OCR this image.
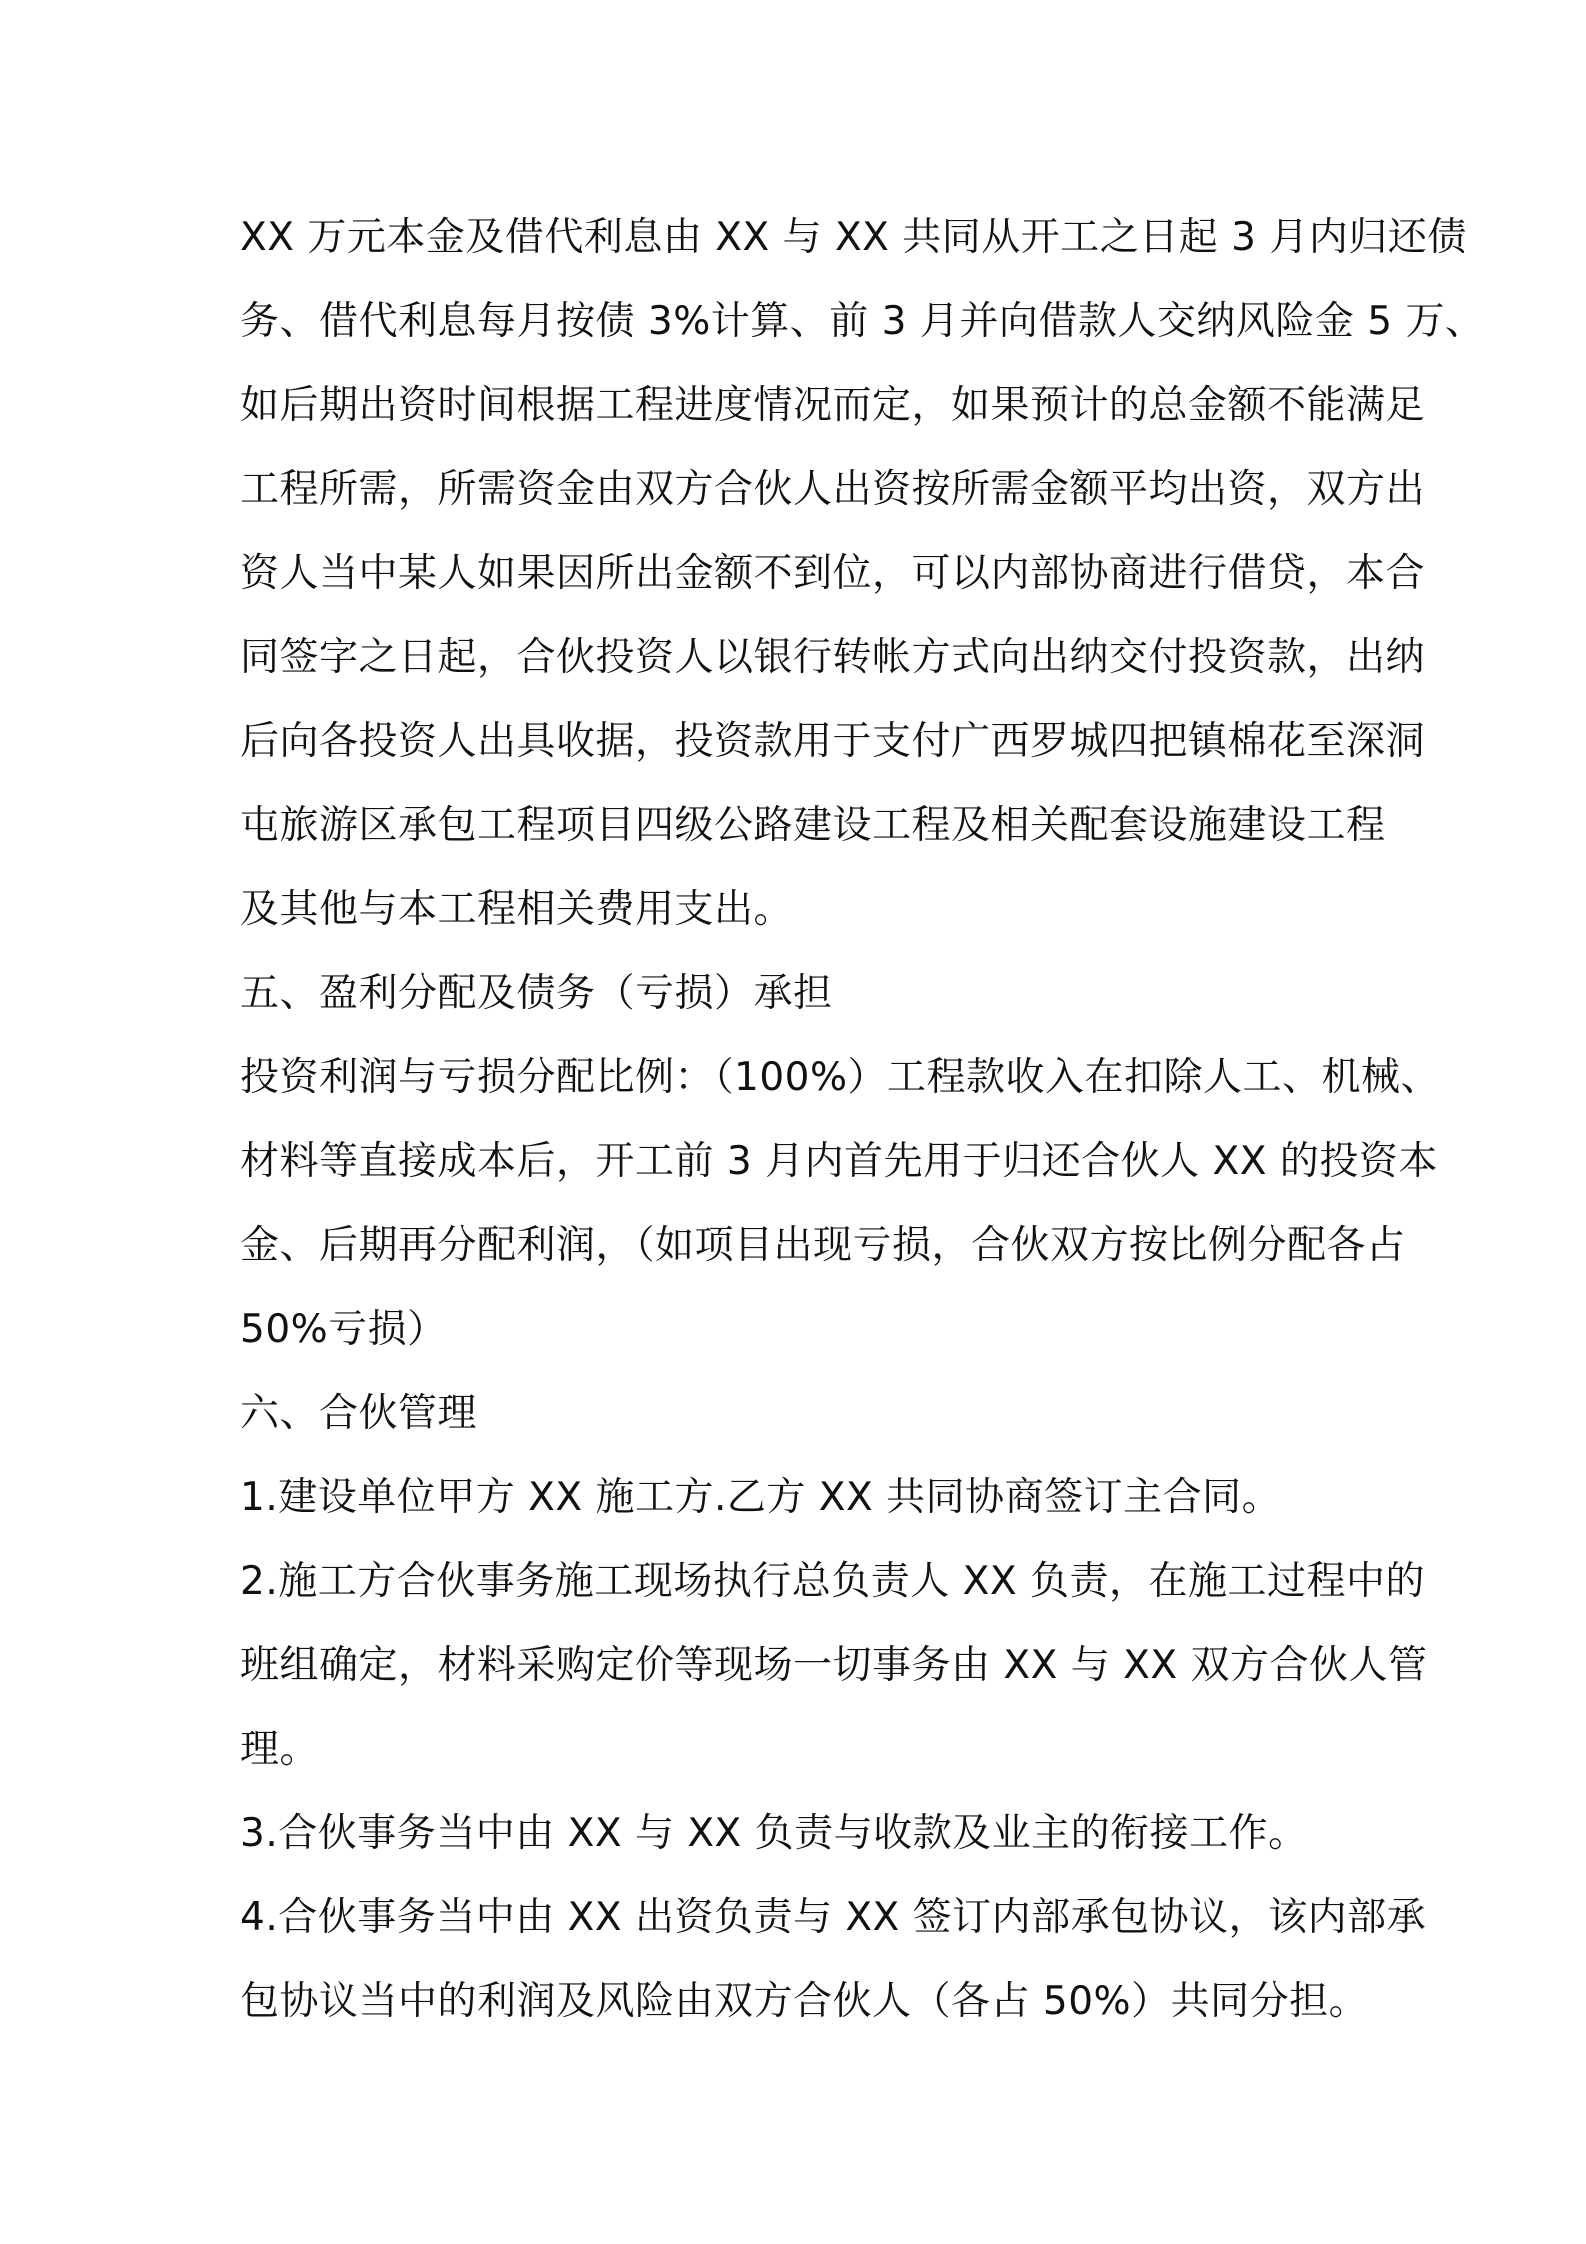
XX 万元本金及借代利息由 XX 与 XX 共同从开工之日起 3 月内归还债
务、借代利息每月按债 3%计算、前 3 月并向借款人交纳风险金 5 万、
如后期出资时间根据工程进度情况而定，如果预计的总金额不能满足
工程所需，所需资金由双方合伙人出资按所需金额平均出资，双方出
资人当中某人如果因所出金额不到位，可以内部协商进行借贷，本合
同签字之日起，合伙投资人以银行转帐方式向出纳交付投资款，出纳
后向各投资人出具收据，投资款用于支付广西罗城四把镇棉花至深洞
屯旅游区承包工程项目四级公路建设工程及相关配套设施建设工程
及其他与本工程相关费用支出。
五、盈利分配及债务（亏损）承担
投资利润与亏损分配比例：（100%）工程款收入在扣除人工、机械、
材料等直接成本后，开工前 3 月内首先用于归还合伙人 XX 的投资本
金、后期再分配利润，（如项目出现亏损，合伙双方按比例分配各占
50%亏损）
六、合伙管理
1.建设单位甲方 XX 施工方.乙方 XX 共同协商签订主合同。
2.施工方合伙事务施工现场执行总负责人 XX 负责，在施工过程中的
班组确定，材料采购定价等现场一切事务由 XX 与 XX 双方合伙人管
理。
3.合伙事务当中由 XX 与 XX 负责与收款及业主的衔接工作。
4.合伙事务当中由 XX 出资负责与 XX 签订内部承包协议，该内部承
包协议当中的利润及风险由双方合伙人（各占 50%）共同分担。
